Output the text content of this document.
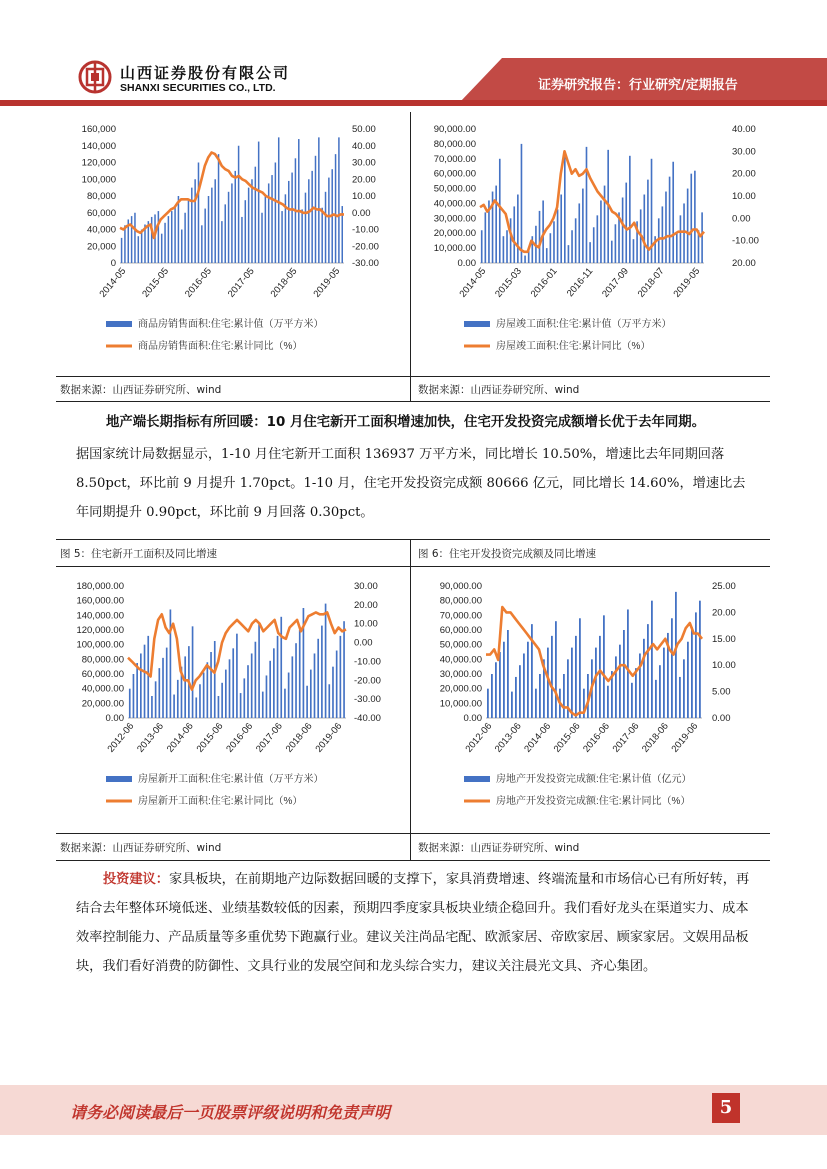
山西证券股份有限公司
SHANXI SECURITIES CO., LTD.	证券研究报告：行业研究/定期报告
0
20,000
40,000
60,000
80,000
100,000
120,000
140,000
160,000
-30.00
-20.00
-10.00
0.00
10.00
20.00
30.00
40.00
50.00
2014-05 2015-05 2016-05 2017-05 2018-05 2019-05
商品房销售面积:住宅:累计值（万平方米）
商品房销售面积:住宅:累计同比（%）
0.00
10,000.00
20,000.00
30,000.00
40,000.00
50,000.00
60,000.00
70,000.00
80,000.00
90,000.00
20.00
-10.00
0.00
10.00
20.00
30.00
40.00
2014-05 2015-03 2016-01 2016-11 2017-09 2018-07 2019-05
房屋竣工面积:住宅:累计值（万平方米）
房屋竣工面积:住宅:累计同比（%）
数据来源：山西证券研究所、wind	数据来源：山西证券研究所、wind
地产端长期指标有所回暖：10 月住宅新开工面积增速加快，住宅开发投资完成额增长优于去年同期。
据国家统计局数据显示，1-10 月住宅新开工面积 136937 万平方米，同比增长 10.50%，增速比去年同期回落 8.50pct，环比前 9 月提升 1.70pct。1-10 月，住宅开发投资完成额 80666 亿元，同比增长 14.60%，增速比去年同期提升 0.90pct，环比前 9 月回落 0.30pct。
图 5：住宅新开工面积及同比增速	图 6：住宅开发投资完成额及同比增速
0.00
20,000.00
40,000.00
60,000.00
80,000.00
100,000.00
120,000.00
140,000.00
160,000.00
180,000.00
-40.00
-30.00
-20.00
-10.00
0.00
10.00
20.00
30.00
2012-06
2013-06
2014-06
2015-06
2016-06
2017-06
2018-06
2019-06
房屋新开工面积:住宅:累计值（万平方米）
房屋新开工面积:住宅:累计同比（%）
0.00
10,000.00
20,000.00
30,000.00
40,000.00
50,000.00
60,000.00
70,000.00
80,000.00
90,000.00
0.00
5.00
10.00
15.00
20.00
25.00
2012-06
2013-06
2014-06
2015-06
2016-06
2017-06
2018-06
2019-06
房地产开发投资完成额:住宅:累计值（亿元）
房地产开发投资完成额:住宅:累计同比（%）
数据来源：山西证券研究所、wind	数据来源：山西证券研究所、wind
投资建议：家具板块，在前期地产边际数据回暖的支撑下，家具消费增速、终端流量和市场信心已有所好转，再结合去年整体环境低迷、业绩基数较低的因素，预期四季度家具板块业绩企稳回升。我们看好龙头在渠道实力、成本效率控制能力、产品质量等多重优势下跑赢行业。建议关注尚品宅配、欧派家居、帝欧家居、顾家家居。文娱用品板块，我们看好消费的防御性、文具行业的发展空间和龙头综合实力，建议关注晨光文具、齐心集团。
请务必阅读最后一页股票评级说明和免责声明	5
